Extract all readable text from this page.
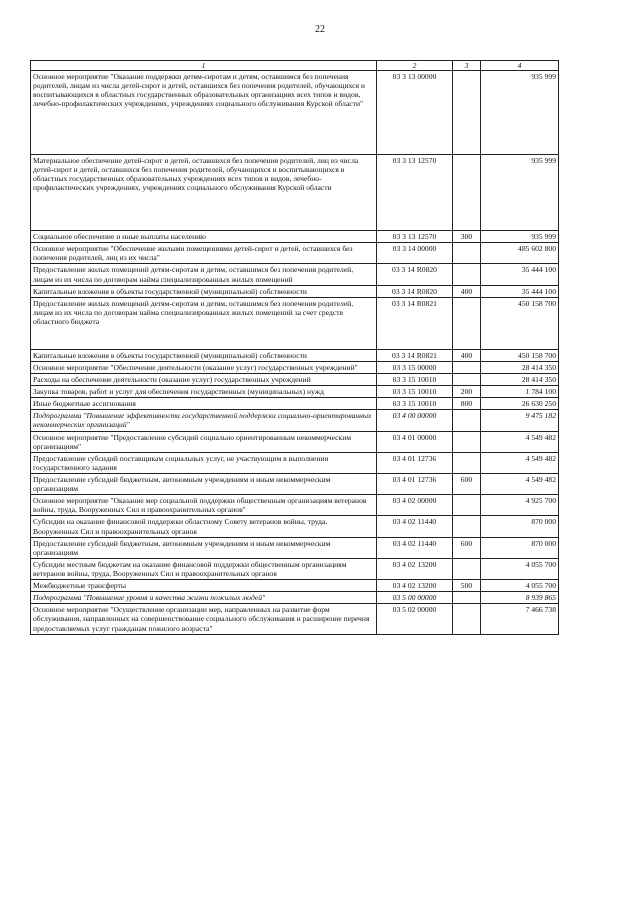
22
1	2	3	4
Основное мероприятие "Оказание поддержки детям-сиротам и детям, оставшимся без попечения родителей, лицам из числа детей-сирот и детей, оставшихся без попечения родителей, обучающихся и воспитывающихся в областных государственных образовательных организациях всех типов и видов, лечебно-профилактических учреждениях, учреждениях социального обслуживания Курской области"	03 3 13 00000		935 999
Материальное обеспечение детей-сирот и детей, оставшихся без попечения родителей, лиц из числа детей-сирот и детей, оставшихся без попечения родителей, обучающихся и воспитывающихся в областных государственных образовательных учреждениях всех типов и видов, лечебно-профилактических учреждениях, учреждениях социального обслуживания Курской области	03 3 13 12570		935 999
Социальное обеспечение и иные выплаты населению	03 3 13 12570	300	935 999
Основное мероприятие "Обеспечение жилыми помещениями детей-сирот и детей, оставшихся без попечения родителей, лиц из их числа"	03 3 14 00000		485 602 800
Предоставление жилых помещений детям-сиротам и детям, оставшимся без попечения родителей, лицам из их числа по договорам найма специализированных жилых помещений	03 3 14 R0820		35 444 100
Капитальные вложения в объекты государственной (муниципальной) собственности	03 3 14 R0820	400	35 444 100
Предоставление жилых помещений детям-сиротам и детям, оставшимся без попечения родителей, лицам из их числа по договорам найма специализированных жилых помещений за счет средств областного бюджета	03 3 14 R0821		450 158 700
Капитальные вложения в объекты государственной (муниципальной) собственности	03 3 14 R0821	400	450 158 700
Основное мероприятие "Обеспечение деятельности (оказание услуг) государственных учреждений"	03 3 15 00000		28 414 350
Расходы на обеспечение деятельности (оказание услуг) государственных учреждений	03 3 15 10010		28 414 350
Закупка товаров, работ и услуг для обеспечения государственных (муниципальных) нужд	03 3 15 10010	200	1 784 100
Иные бюджетные ассигнования	03 3 15 10010	800	26 630 250
Подпрограмма "Повышение эффективности государственной поддержки социально-ориентированных некоммерческих организаций"	03 4 00 00000		9 475 182
Основное мероприятие "Предоставление субсидий социально ориентированным некоммерческим организациям"	03 4 01 00000		4 549 482
Предоставление субсидий поставщикам социальных услуг, не участвующим в выполнении государственного задания	03 4 01 12736		4 549 482
Предоставление субсидий бюджетным, автономным учреждениям и иным некоммерческим организациям	03 4 01 12736	600	4 549 482
Основное мероприятие "Оказание мер социальной поддержки общественным организациям ветеранов войны, труда, Вооруженных Сил и правоохранительных органов"	03 4 02 00000		4 925 700
Субсидии на оказание финансовой поддержки областному Совету ветеранов войны, труда, Вооруженных Сил и правоохранительных органов	03 4 02 11440		870 000
Предоставление субсидий бюджетным, автономным учреждениям и иным некоммерческим организациям	03 4 02 11440	600	870 000
Субсидии местным бюджетам на оказание финансовой поддержки общественным организациям ветеранов войны, труда, Вооруженных Сил и правоохранительных органов	03 4 02 13200		4 055 700
Межбюджетные трансферты	03 4 02 13200	500	4 055 700
Подпрограмма "Повышение уровня и качества жизни пожилых людей"	03 5 00 00000		8 939 865
Основное мероприятие "Осуществление организации мер, направленных на развитие форм обслуживания, направленных на совершенствование социального обслуживания и расширение перечня предоставляемых услуг гражданам пожилого возраста"	03 5 02 00000		7 466 738
